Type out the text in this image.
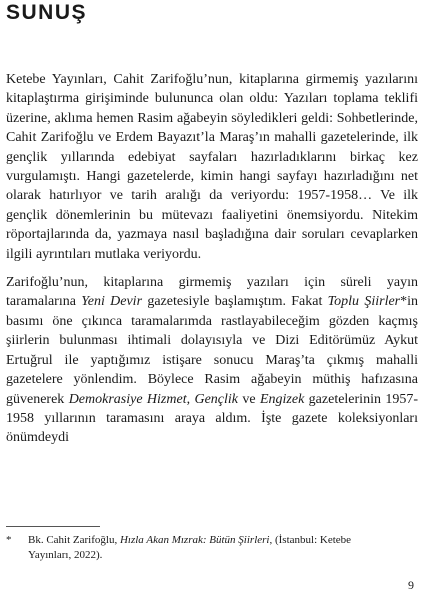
SUNUŞ

Ketebe Yayınları, Cahit Zarifoğlu’nun, kitaplarına girmemiş yazılarını kitaplaştırma girişiminde bulununca olan oldu: Yazıları toplama teklifi üzerine, aklıma hemen Rasim ağabeyin söyledikleri geldi: Sohbetlerinde, Cahit Zarifoğlu ve Erdem Bayazıt’la Maraş’ın mahalli gazetelerinde, ilk gençlik yıllarında edebiyat sayfaları hazırladıklarını birkaç kez vurgulamıştı. Hangi gazetelerde, kimin hangi sayfayı hazırladığını net olarak hatırlıyor ve tarih aralığı da veriyordu: 1957-1958… Ve ilk gençlik dönemlerinin bu mütevazı faaliyetini önemsiyordu. Nitekim röportajlarında da, yazmaya nasıl başladığına dair soruları cevaplarken ilgili ayrıntıları mutlaka veriyordu.

Zarifoğlu’nun, kitaplarına girmemiş yazıları için süreli yayın taramalarına Yeni Devir gazetesiyle başlamıştım. Fakat Toplu Şiirler*in basımı öne çıkınca taramalarımda rastlayabileceğim gözden kaçmış şiirlerin bulunması ihtimali dolayısıyla ve Dizi Editörümüz Aykut Ertuğrul ile yaptığımız istişare sonucu Maraş’ta çıkmış mahalli gazetelere yönlendim. Böylece Rasim ağabeyin müthiş hafızasına güvenerek Demokrasiye Hizmet, Gençlik ve Engizek gazetelerinin 1957-1958 yıllarının taramasını araya aldım. İşte gazete koleksiyonları önümdeydi

* Bk. Cahit Zarifoğlu, Hızla Akan Mızrak: Bütün Şiirleri, (İstanbul: Ketebe
Yayınları, 2022).
9
